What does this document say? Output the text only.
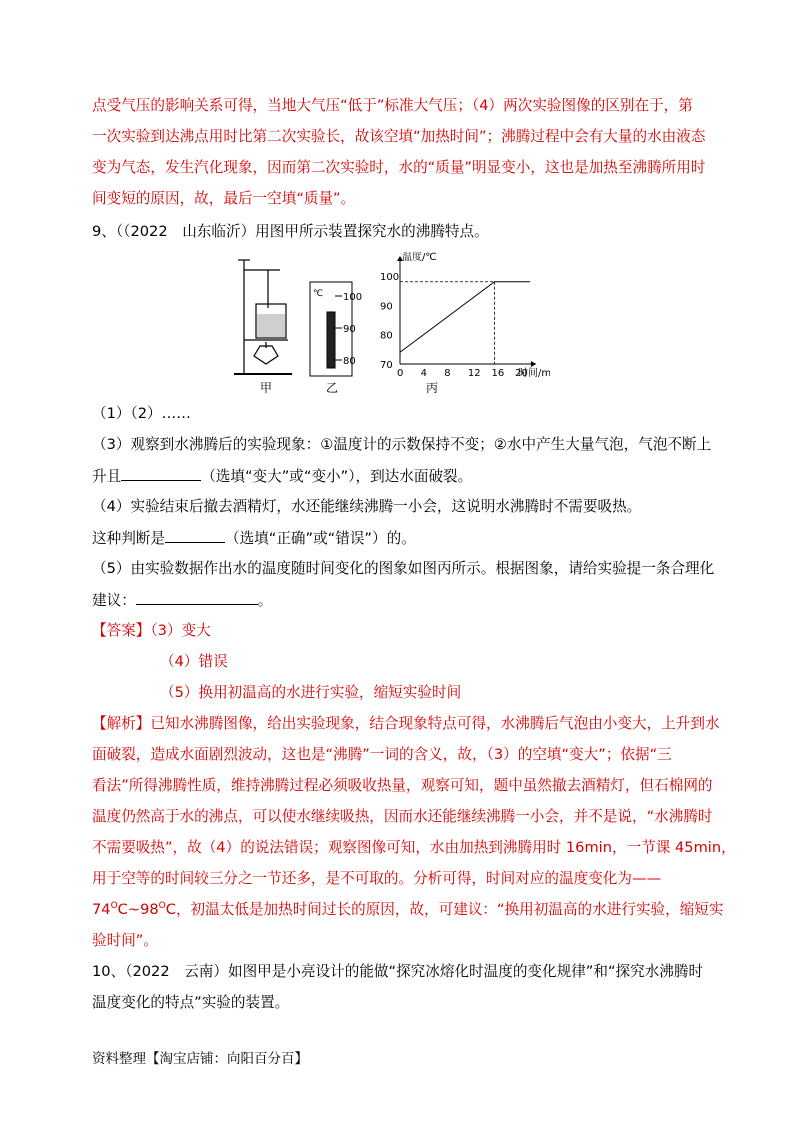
点受气压的影响关系可得，当地大气压“低于”标准大气压；（4）两次实验图像的区别在于，第
一次实验到达沸点用时比第二次实验长，故该空填“加热时间”；沸腾过程中会有大量的水由液态
变为气态，发生汽化现象，因而第二次实验时，水的“质量”明显变小，这也是加热至沸腾所用时
间变短的原因，故，最后一空填“质量”。
9、（（2022　山东临沂）用图甲所示装置探究水的沸腾特点。
甲
℃ 100
90
80
乙
温度/℃
时间/m
0 4 8 12 16 20
70
80
90
100
丙
（1）（2）……
（3）观察到水沸腾后的实验现象：①温度计的示数保持不变；②水中产生大量气泡，气泡不断上
升且	（选填“变大”或“变小”），到达水面破裂。
（4）实验结束后撤去酒精灯，水还能继续沸腾一小会，这说明水沸腾时不需要吸热。
这种判断是	（选填“正确”或“错误”）的。
（5）由实验数据作出水的温度随时间变化的图象如图丙所示。根据图象，请给实验提一条合理化
建议：	。
【答案】（3）变大
（4）错误
（5）换用初温高的水进行实验，缩短实验时间
【解析】已知水沸腾图像，给出实验现象，结合现象特点可得，水沸腾后气泡由小变大，上升到水
面破裂，造成水面剧烈波动，这也是“沸腾”一词的含义，故，（3）的空填“变大”；依据“三
看法”所得沸腾性质，维持沸腾过程必须吸收热量，观察可知，题中虽然撤去酒精灯，但石棉网的
温度仍然高于水的沸点，可以使水继续吸热，因而水还能继续沸腾一小会，并不是说，“水沸腾时
不需要吸热”，故（4）的说法错误；观察图像可知，水由加热到沸腾用时 16min，一节课 45min，
用于空等的时间较三分之一节还多，是不可取的。分析可得，时间对应的温度变化为——
$74^OC\sim 98^OC$，初温太低是加热时间过长的原因，故，可建议：“换用初温高的水进行实验，缩短实
验时间”。
10、（2022　云南）如图甲是小亮设计的能做“探究冰熔化时温度的变化规律”和“探究水沸腾时
温度变化的特点”实验的装置。
资料整理【淘宝店铺：向阳百分百】
